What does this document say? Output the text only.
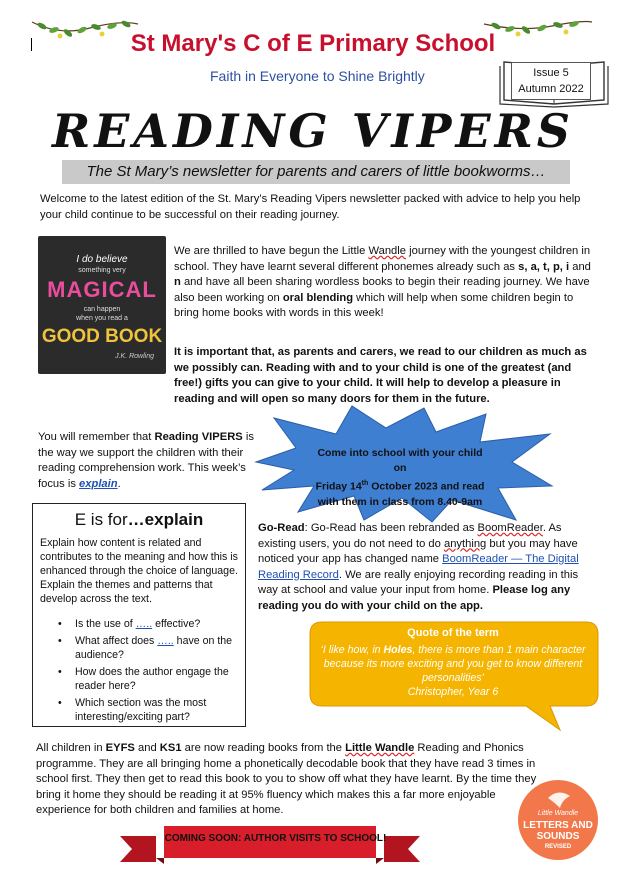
St Mary's C of E Primary School
Faith in Everyone to Shine Brightly	Issue 5
Autumn 2022
READING VIPERS
The St Mary’s newsletter for parents and carers of little bookworms…
Welcome to the latest edition of the St. Mary’s Reading Vipers newsletter packed with advice to help you help your child continue to be successful on their reading journey.
I do believe
something very
MAGICAL
can happen
when you read a
GOOD BOOK
J.K. Rowling
We are thrilled to have begun the Little Wandle journey with the youngest children in school. They have learnt several different phonemes already such as s, a, t, p, i and n and have all been sharing wordless books to begin their reading journey. We have also been working on oral blending which will help when some children begin to bring home books with words in this week!
It is important that, as parents and carers, we read to our children as much as we possibly can. Reading with and to your child is one of the greatest (and free!) gifts you can give to your child. It will help to develop a pleasure in reading and will open so many doors for them in the future.
You will remember that Reading VIPERS is the way we support the children with their reading comprehension work. This week’s focus is explain.
Come into school with your child on
Friday 14th October 2023 and read
with them in class from 8.40-9am
E is for…explain
Explain how content is related and contributes to the meaning and how this is enhanced through the choice of language. Explain the themes and patterns that develop across the text.
• Is the use of ….. effective?
• What affect does ….. have on the audience?
• How does the author engage the reader here?
• Which section was the most interesting/exciting part?
Go-Read: Go-Read has been rebranded as BoomReader. As existing users, you do not need to do anything but you may have noticed your app has changed name BoomReader — The Digital Reading Record. We are really enjoying recording reading in this way at school and value your input from home. Please log any reading you do with your child on the app.
Quote of the term
‘I like how, in Holes, there is more than 1 main character because its more exciting and you get to know different personalities’
Christopher, Year 6
All children in EYFS and KS1 are now reading books from the Little Wandle Reading and Phonics programme. They are all bringing home a phonetically decodable book that they have read 3 times in school first. They then get to read this book to you to show off what they have learnt. By the time they bring it home they should be reading it at 95% fluency which makes this a far more enjoyable experience for both children and families at home.	Little Wandle
LETTERS AND SOUNDS
REVISED
COMING SOON: AUTHOR VISITS TO SCHOOL!
